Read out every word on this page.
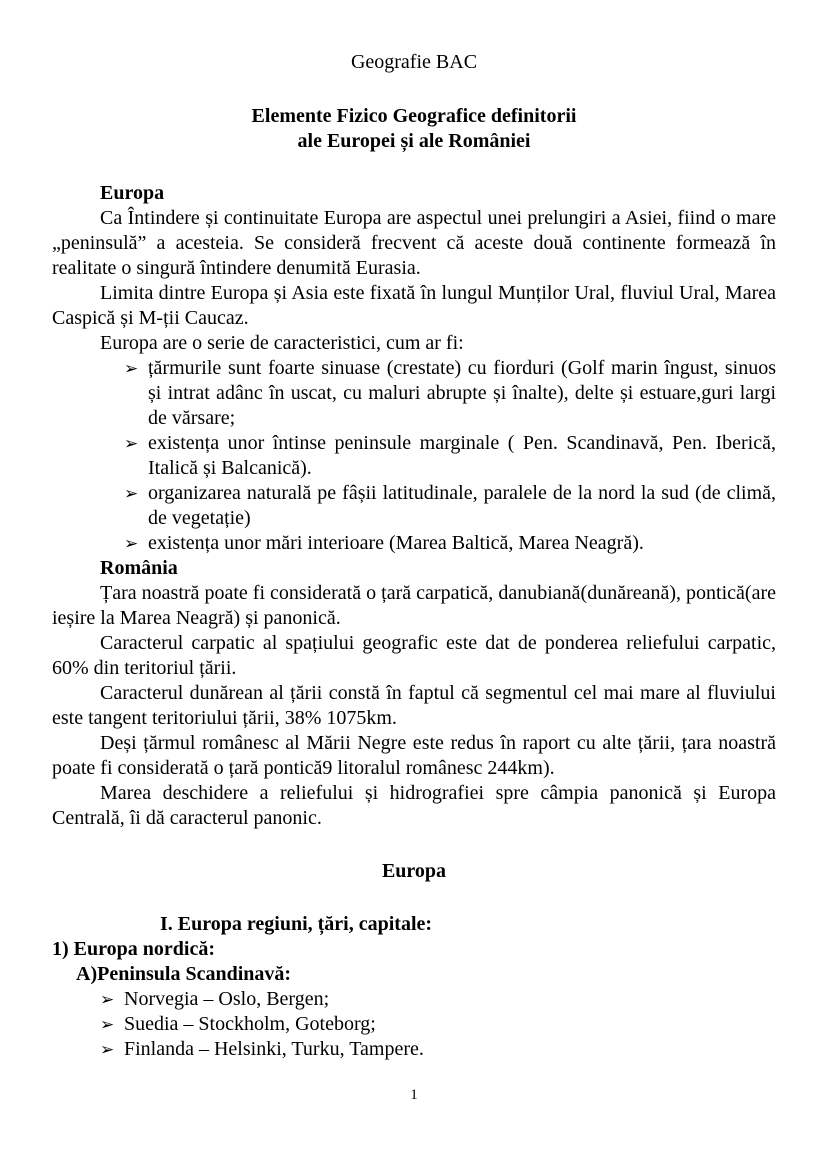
Geografie BAC
Elemente Fizico Geografice definitorii
ale Europei și ale României
Europa

Ca Întindere și continuitate Europa are aspectul unei prelungiri a Asiei, fiind o mare „peninsulă” a acesteia. Se consideră frecvent că aceste două continente formează în realitate o singură întindere denumită Eurasia.

Limita dintre Europa și Asia este fixată în lungul Munților Ural, fluviul Ural, Marea Caspică și M-ții Caucaz.

Europa are o serie de caracteristici, cum ar fi:

➢ țărmurile sunt foarte sinuase (crestate) cu fiorduri (Golf marin îngust, sinuos și intrat adânc în uscat, cu maluri abrupte și înalte), delte și estuare,guri largi de vărsare;
➢ existența unor întinse peninsule marginale ( Pen. Scandinavă, Pen. Iberică, Italică și Balcanică).
➢ organizarea naturală pe fâșii latitudinale, paralele de la nord la sud (de climă, de vegetație)
➢ existența unor mări interioare (Marea Baltică, Marea Neagră).
România

Țara noastră poate fi considerată o țară carpatică, danubiană(dunăreană), pontică(are ieșire la Marea Neagră) și panonică.

Caracterul carpatic al spațiului geografic este dat de ponderea reliefului carpatic, 60% din teritoriul țării.

Caracterul dunărean al țării constă în faptul că segmentul cel mai mare al fluviului este tangent teritoriului țării, 38% 1075km.

Deși țărmul românesc al Mării Negre este redus în raport cu alte țării, țara noastră poate fi considerată o țară pontică9 litoralul românesc 244km).

Marea deschidere a reliefului și hidrografiei spre câmpia panonică și Europa Centrală, îi dă caracterul panonic.

Europa
I. Europa regiuni, țări, capitale:
1) Europa nordică:
A)Peninsula Scandinavă:
➢ Norvegia – Oslo, Bergen;
➢ Suedia – Stockholm, Goteborg;
➢ Finlanda – Helsinki, Turku, Tampere.
1
